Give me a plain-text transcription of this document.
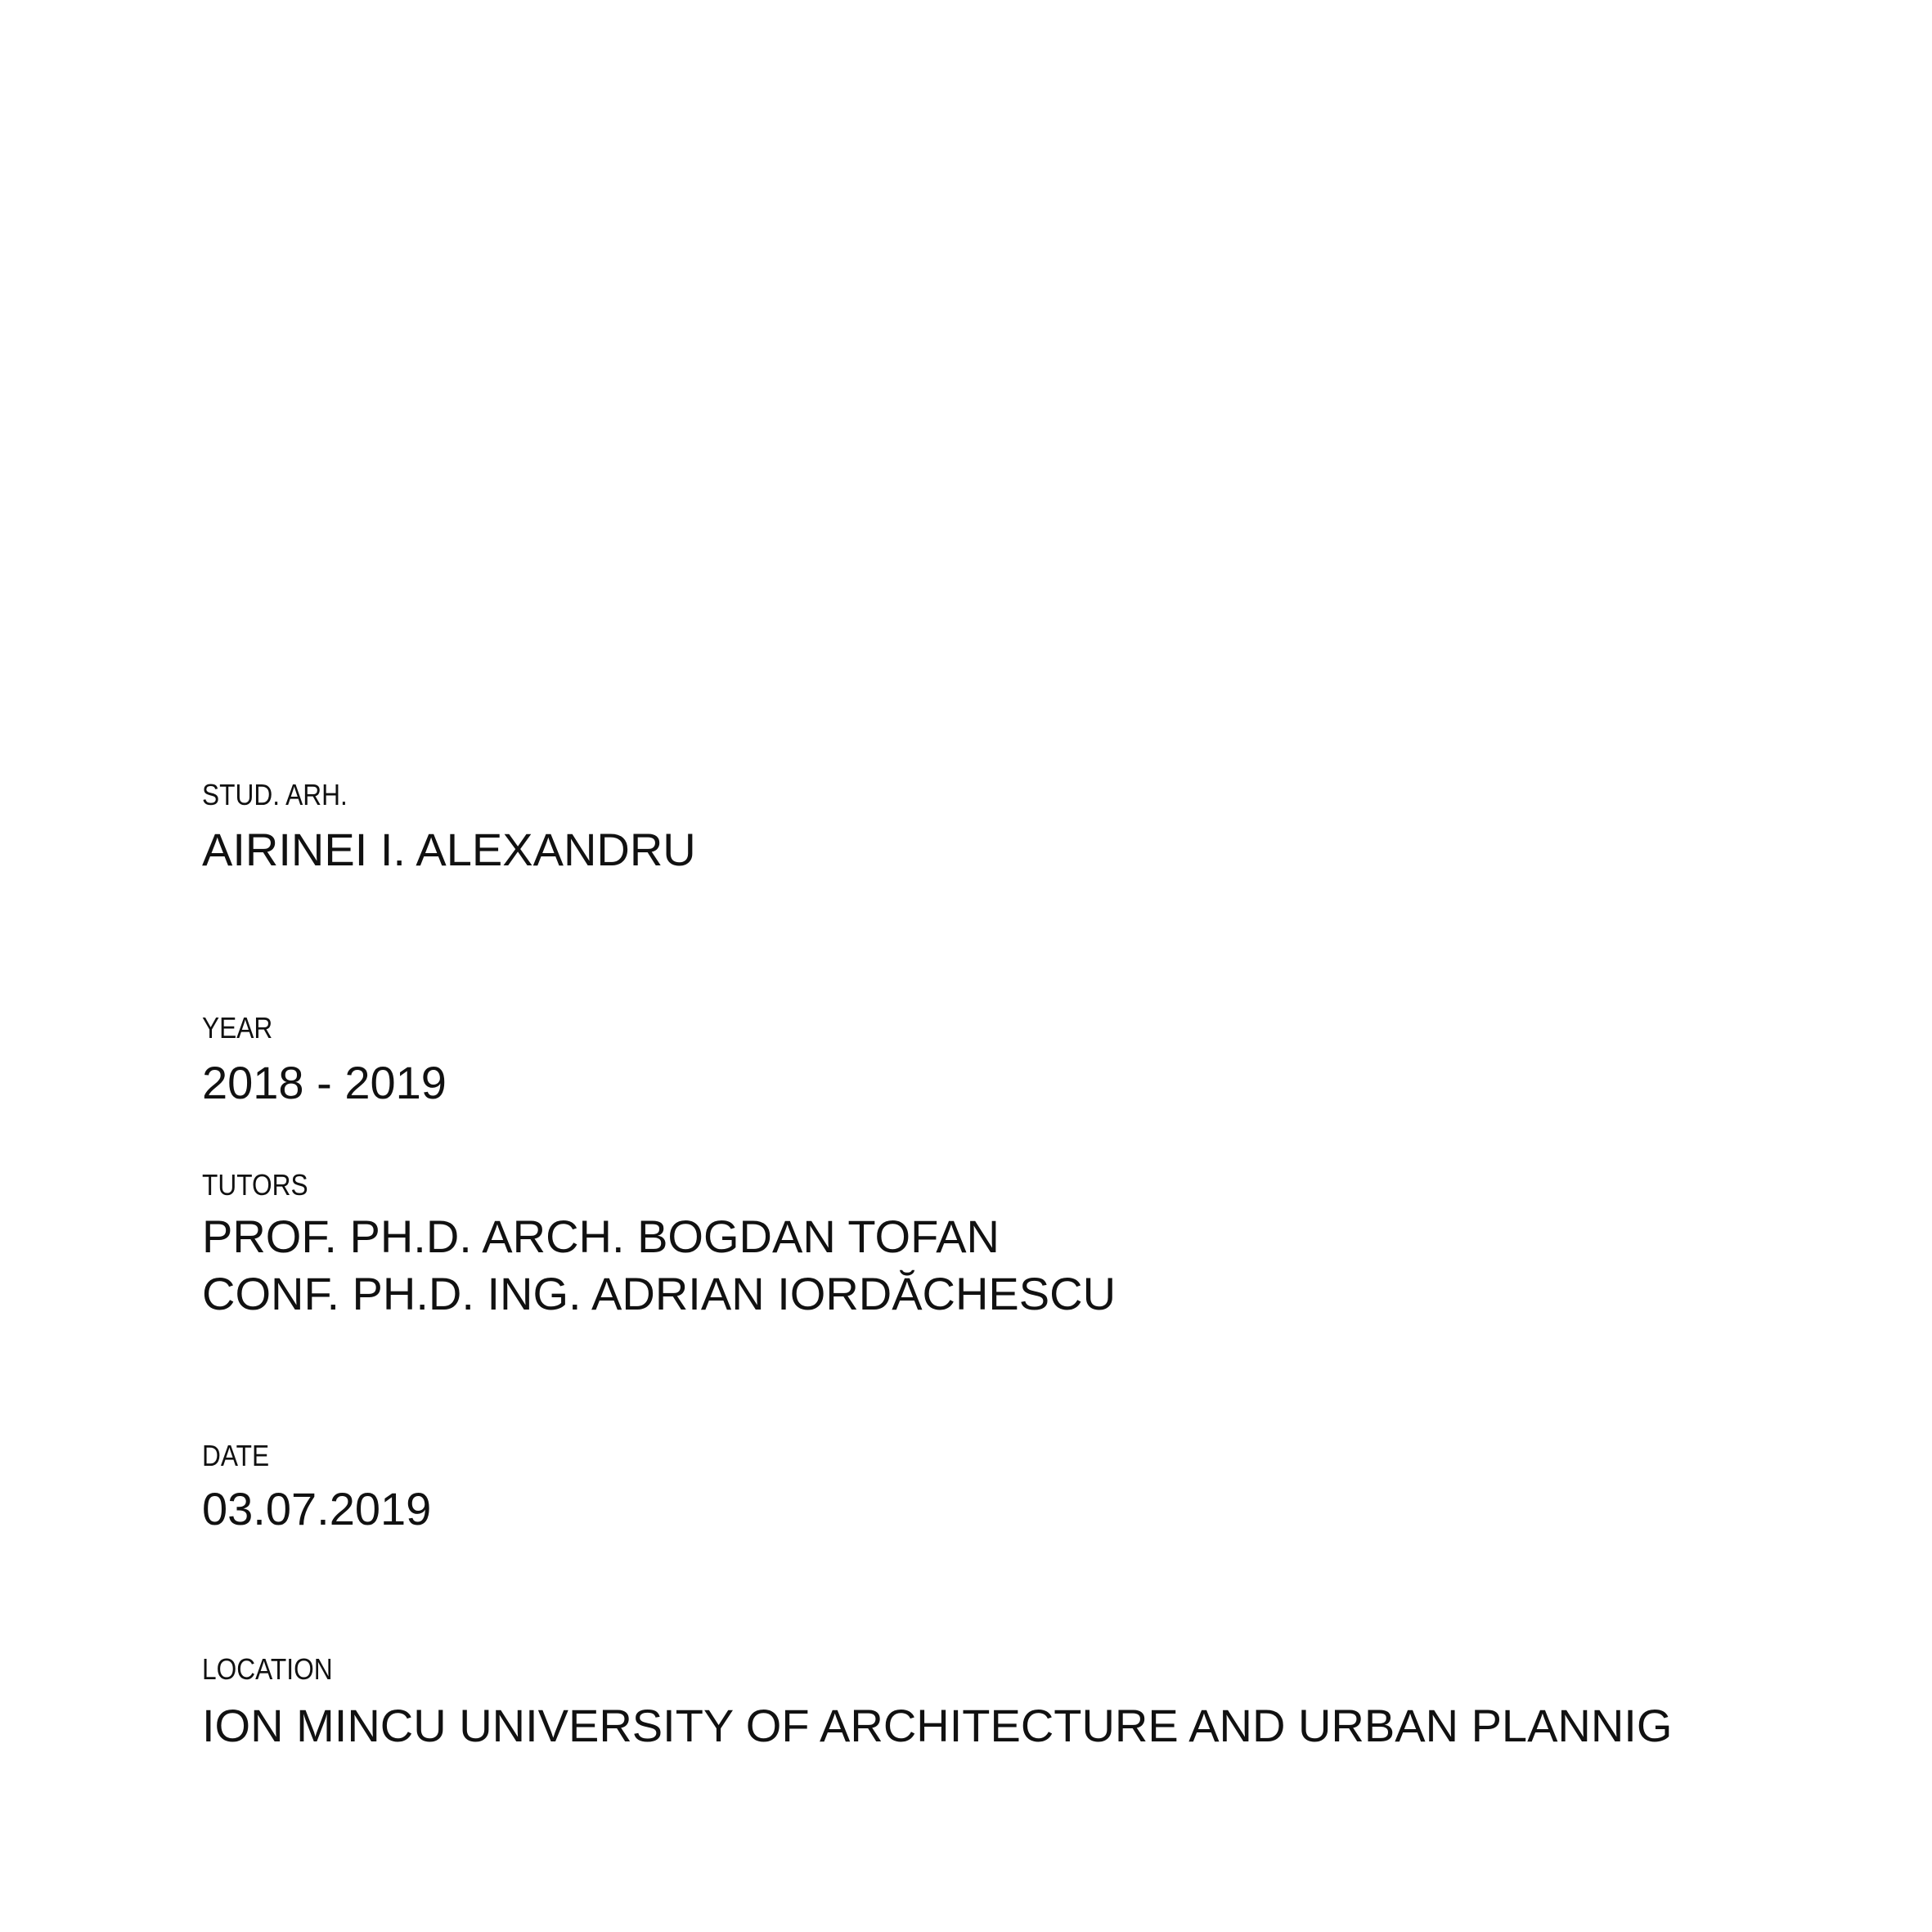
STUD. ARH.
AIRINEI I. ALEXANDRU
YEAR
2018 - 2019
TUTORS
PROF. PH.D. ARCH. BOGDAN TOFAN
CONF. PH.D. ING. ADRIAN IORDĂCHESCU
DATE
03.07.2019
LOCATION
ION MINCU UNIVERSITY OF ARCHITECTURE AND URBAN PLANNIG
